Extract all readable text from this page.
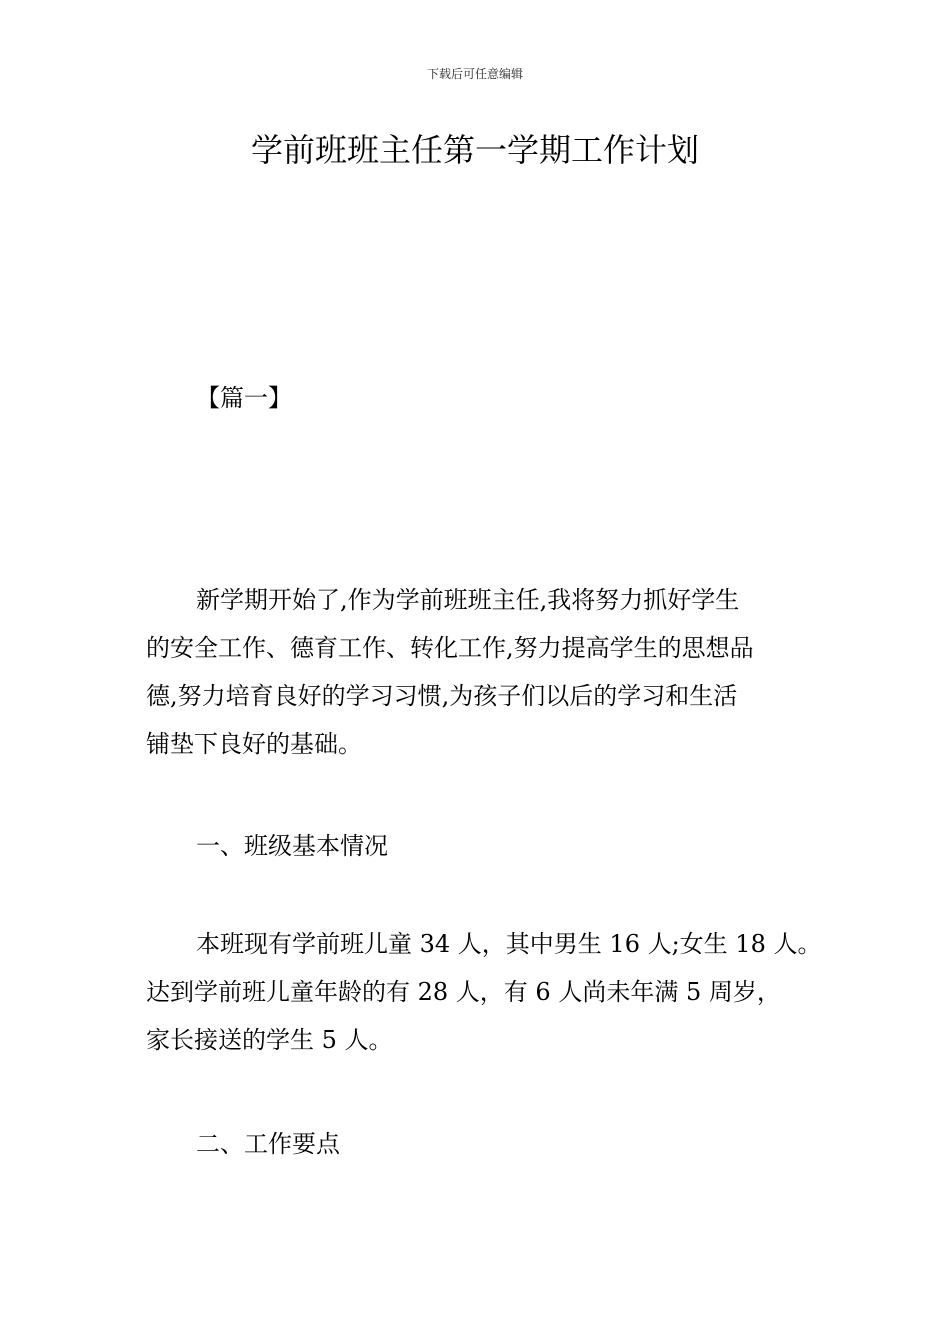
下载后可任意编辑
学前班班主任第一学期工作计划
【篇一】

新学期开始了,作为学前班班主任,我将努力抓好学生
的安全工作、德育工作、转化工作,努力提高学生的思想品
德,努力培育良好的学习习惯,为孩子们以后的学习和生活
铺垫下良好的基础。

一、班级基本情况

本班现有学前班儿童 34 人，其中男生 16 人;女生 18 人。
达到学前班儿童年龄的有 28 人，有 6 人尚未年满 5 周岁，
家长接送的学生 5 人。

二、工作要点
